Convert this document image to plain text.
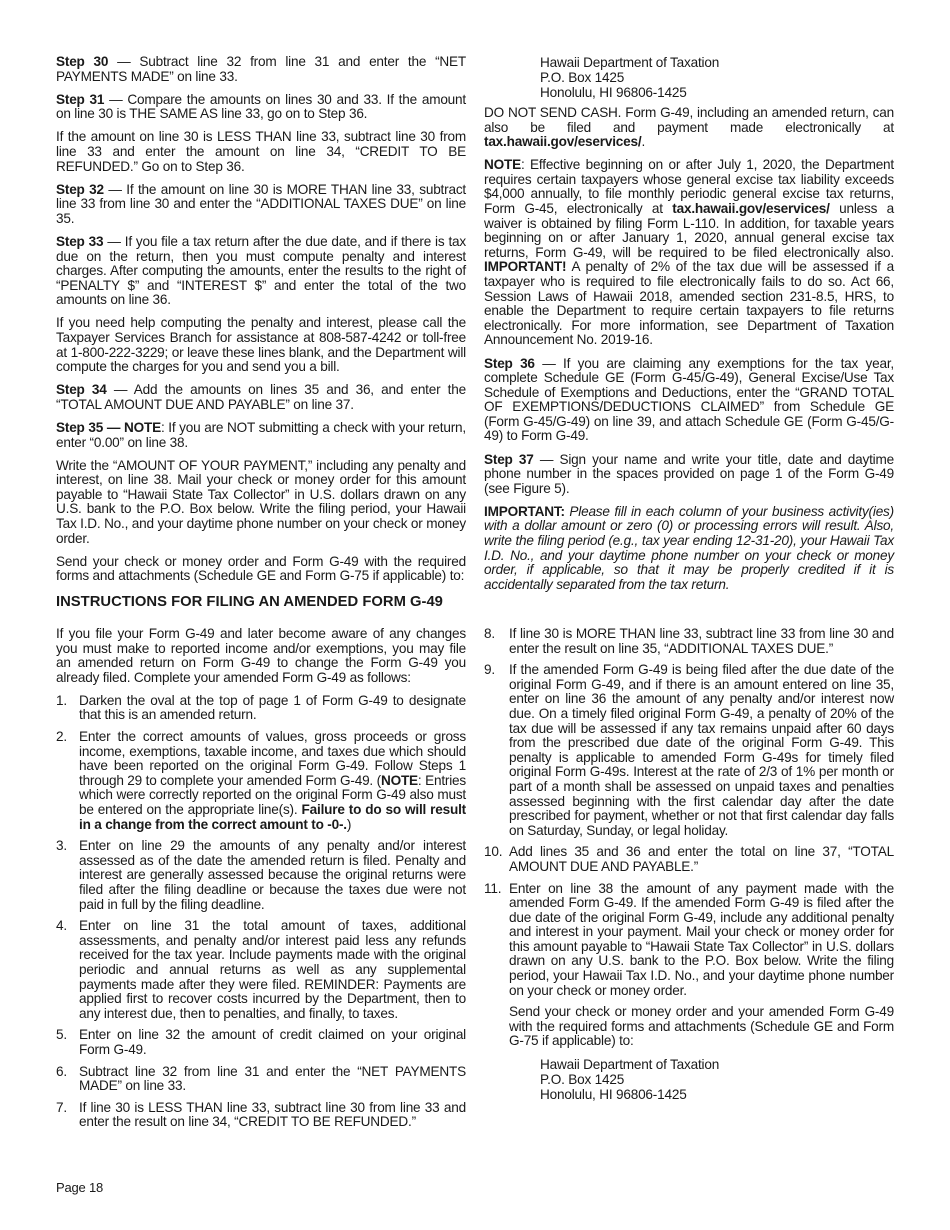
Step 30 — Subtract line 32 from line 31 and enter the “NET PAYMENTS MADE” on line 33.

Step 31 — Compare the amounts on lines 30 and 33. If the amount on line 30 is THE SAME AS line 33, go on to Step 36.

If the amount on line 30 is LESS THAN line 33, subtract line 30 from line 33 and enter the amount on line 34, “CREDIT TO BE REFUNDED.” Go on to Step 36.

Step 32 — If the amount on line 30 is MORE THAN line 33, subtract line 33 from line 30 and enter the “ADDITIONAL TAXES DUE” on line 35.

Step 33 — If you file a tax return after the due date, and if there is tax due on the return, then you must compute penalty and interest charges. After computing the amounts, enter the results to the right of “PENALTY $” and “INTEREST $” and enter the total of the two amounts on line 36.

If you need help computing the penalty and interest, please call the Taxpayer Services Branch for assistance at 808-587-4242 or toll-free at 1-800-222-3229; or leave these lines blank, and the Department will compute the charges for you and send you a bill.

Step 34 — Add the amounts on lines 35 and 36, and enter the “TOTAL AMOUNT DUE AND PAYABLE” on line 37.

Step 35 — NOTE: If you are NOT submitting a check with your return, enter “0.00” on line 38.

Write the “AMOUNT OF YOUR PAYMENT,” including any penalty and interest, on line 38. Mail your check or money order for this amount payable to “Hawaii State Tax Collector” in U.S. dollars drawn on any U.S. bank to the P.O. Box below. Write the filing period, your Hawaii Tax I.D. No., and your daytime phone number on your check or money order.

Send your check or money order and Form G-49 with the required forms and attachments (Schedule GE and Form G-75 if applicable) to:

Hawaii Department of Taxation
P.O. Box 1425
Honolulu, HI 96806-1425

DO NOT SEND CASH. Form G-49, including an amended return, can also be filed and payment made electronically at tax.hawaii.gov/eservices/.

NOTE: Effective beginning on or after July 1, 2020, the Department requires certain taxpayers whose general excise tax liability exceeds $4,000 annually, to file monthly periodic general excise tax returns, Form G-45, electronically at tax.hawaii.gov/eservices/ unless a waiver is obtained by filing Form L-110. In addition, for taxable years beginning on or after January 1, 2020, annual general excise tax returns, Form G-49, will be required to be filed electronically also. IMPORTANT! A penalty of 2% of the tax due will be assessed if a taxpayer who is required to file electronically fails to do so. Act 66, Session Laws of Hawaii 2018, amended section 231-8.5, HRS, to enable the Department to require certain taxpayers to file returns electronically. For more information, see Department of Taxation Announcement No. 2019-16.

Step 36 — If you are claiming any exemptions for the tax year, complete Schedule GE (Form G-45/G-49), General Excise/Use Tax Schedule of Exemptions and Deductions, enter the “GRAND TOTAL OF EXEMPTIONS/DEDUCTIONS CLAIMED” from Schedule GE (Form G-45/G-49) on line 39, and attach Schedule GE (Form G-45/G-49) to Form G-49.

Step 37 — Sign your name and write your title, date and daytime phone number in the spaces provided on page 1 of the Form G-49 (see Figure 5).

IMPORTANT: Please fill in each column of your business activity(ies) with a dollar amount or zero (0) or processing errors will result. Also, write the filing period (e.g., tax year ending 12-31-20), your Hawaii Tax I.D. No., and your daytime phone number on your check or money order, if applicable, so that it may be properly credited if it is accidentally separated from the tax return.

INSTRUCTIONS FOR FILING AN AMENDED FORM G-49

If you file your Form G-49 and later become aware of any changes you must make to reported income and/or exemptions, you may file an amended return on Form G-49 to change the Form G-49 you already filed. Complete your amended Form G-49 as follows:

1. Darken the oval at the top of page 1 of Form G-49 to designate that this is an amended return.
2. Enter the correct amounts of values, gross proceeds or gross income, exemptions, taxable income, and taxes due which should have been reported on the original Form G-49. Follow Steps 1 through 29 to complete your amended Form G-49. (NOTE: Entries which were correctly reported on the original Form G-49 also must be entered on the appropriate line(s). Failure to do so will result in a change from the correct amount to -0-.)
3. Enter on line 29 the amounts of any penalty and/or interest assessed as of the date the amended return is filed. Penalty and interest are generally assessed because the original returns were filed after the filing deadline or because the taxes due were not paid in full by the filing deadline.
4. Enter on line 31 the total amount of taxes, additional assessments, and penalty and/or interest paid less any refunds received for the tax year. Include payments made with the original periodic and annual returns as well as any supplemental payments made after they were filed. REMINDER: Payments are applied first to recover costs incurred by the Department, then to any interest due, then to penalties, and finally, to taxes.
5. Enter on line 32 the amount of credit claimed on your original Form G-49.
6. Subtract line 32 from line 31 and enter the “NET PAYMENTS MADE” on line 33.
7. If line 30 is LESS THAN line 33, subtract line 30 from line 33 and enter the result on line 34, “CREDIT TO BE REFUNDED.”
8. If line 30 is MORE THAN line 33, subtract line 33 from line 30 and enter the result on line 35, “ADDITIONAL TAXES DUE.”
9. If the amended Form G-49 is being filed after the due date of the original Form G-49, and if there is an amount entered on line 35, enter on line 36 the amount of any penalty and/or interest now due. On a timely filed original Form G-49, a penalty of 20% of the tax due will be assessed if any tax remains unpaid after 60 days from the prescribed due date of the original Form G-49. This penalty is applicable to amended Form G-49s for timely filed original Form G-49s. Interest at the rate of 2/3 of 1% per month or part of a month shall be assessed on unpaid taxes and penalties assessed beginning with the first calendar day after the date prescribed for payment, whether or not that first calendar day falls on Saturday, Sunday, or legal holiday.
10. Add lines 35 and 36 and enter the total on line 37, “TOTAL AMOUNT DUE AND PAYABLE.”
11. Enter on line 38 the amount of any payment made with the amended Form G-49. If the amended Form G-49 is filed after the due date of the original Form G-49, include any additional penalty and interest in your payment. Mail your check or money order for this amount payable to “Hawaii State Tax Collector” in U.S. dollars drawn on any U.S. bank to the P.O. Box below. Write the filing period, your Hawaii Tax I.D. No., and your daytime phone number on your check or money order.

Send your check or money order and your amended Form G-49 with the required forms and attachments (Schedule GE and Form G-75 if applicable) to:

Hawaii Department of Taxation
P.O. Box 1425
Honolulu, HI 96806-1425
Page 18
